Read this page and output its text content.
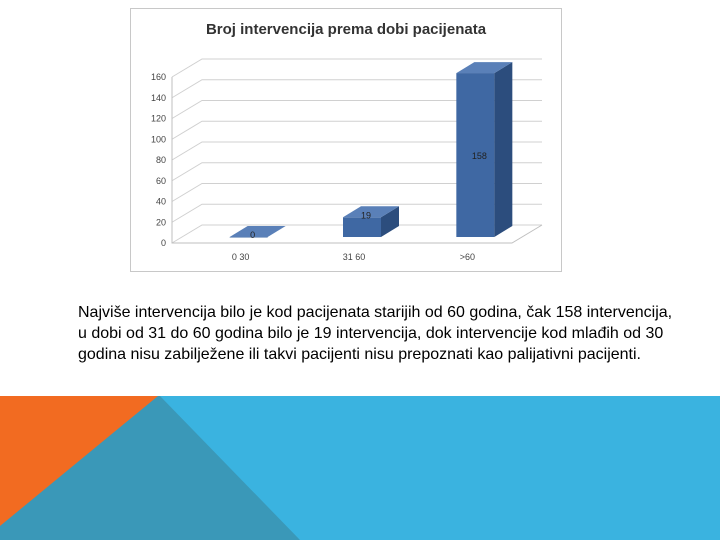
Broj intervencija prema dobi pacijenata
0
20
40
60
80
100
120
140
160
0
19
158
0 30	31 60	>60

Najviše intervencija bilo je kod pacijenata starijih od 60 godina, čak 158 intervencija, u dobi od 31 do 60 godina bilo je 19 intervencija, dok intervencije kod mlađih od 30 godina nisu zabilježene ili takvi pacijenti nisu prepoznati kao palijativni pacijenti.
